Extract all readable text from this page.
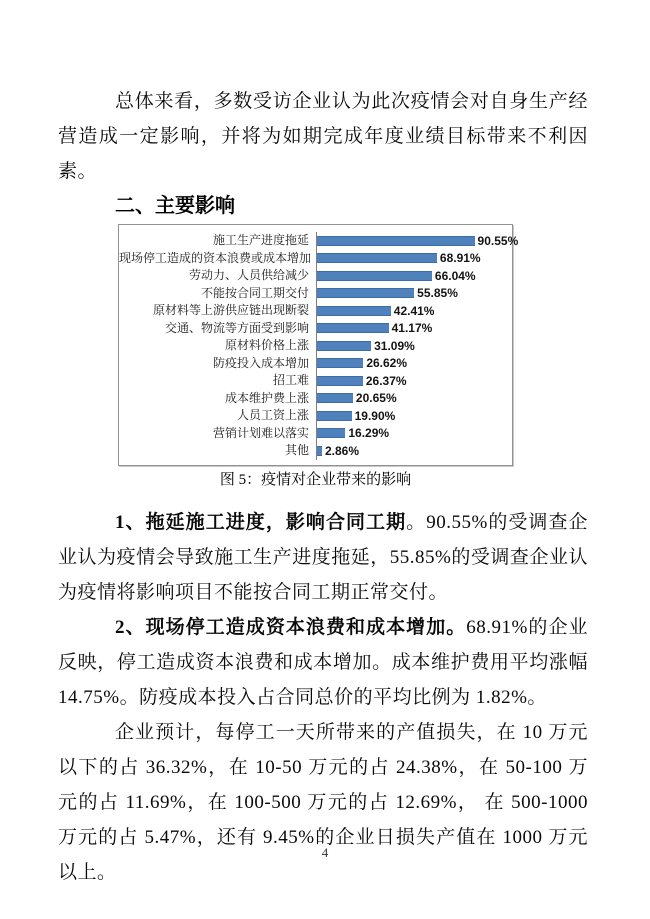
总体来看，多数受访企业认为此次疫情会对自身生产经营造成一定影响，并将为如期完成年度业绩目标带来不利因素。

二、主要影响
施工生产进度拖延	90.55%
现场停工造成的资本浪费或成本增加	68.91%
劳动力、人员供给减少	66.04%
不能按合同工期交付	55.85%
原材料等上游供应链出现断裂	42.41%
交通、物流等方面受到影响	41.17%
原材料价格上涨	31.09%
防疫投入成本增加	26.62%
招工难	26.37%
成本维护费上涨	20.65%
人员工资上涨	19.90%
营销计划难以落实	16.29%
其他	2.86%
图 5：疫情对企业带来的影响

1、拖延施工进度，影响合同工期。90.55%的受调查企业认为疫情会导致施工生产进度拖延，55.85%的受调查企业认为疫情将影响项目不能按合同工期正常交付。

2、现场停工造成资本浪费和成本增加。68.91%的企业反映，停工造成资本浪费和成本增加。成本维护费用平均涨幅 14.75%。防疫成本投入占合同总价的平均比例为 1.82%。

企业预计，每停工一天所带来的产值损失，在 10 万元以下的占 36.32%，在 10-50 万元的占 24.38%，在 50-100 万元的占 11.69%，在 100-500 万元的占 12.69%， 在 500-1000 万元的占 5.47%，还有 9.45%的企业日损失产值在 1000 万元以上。

4
